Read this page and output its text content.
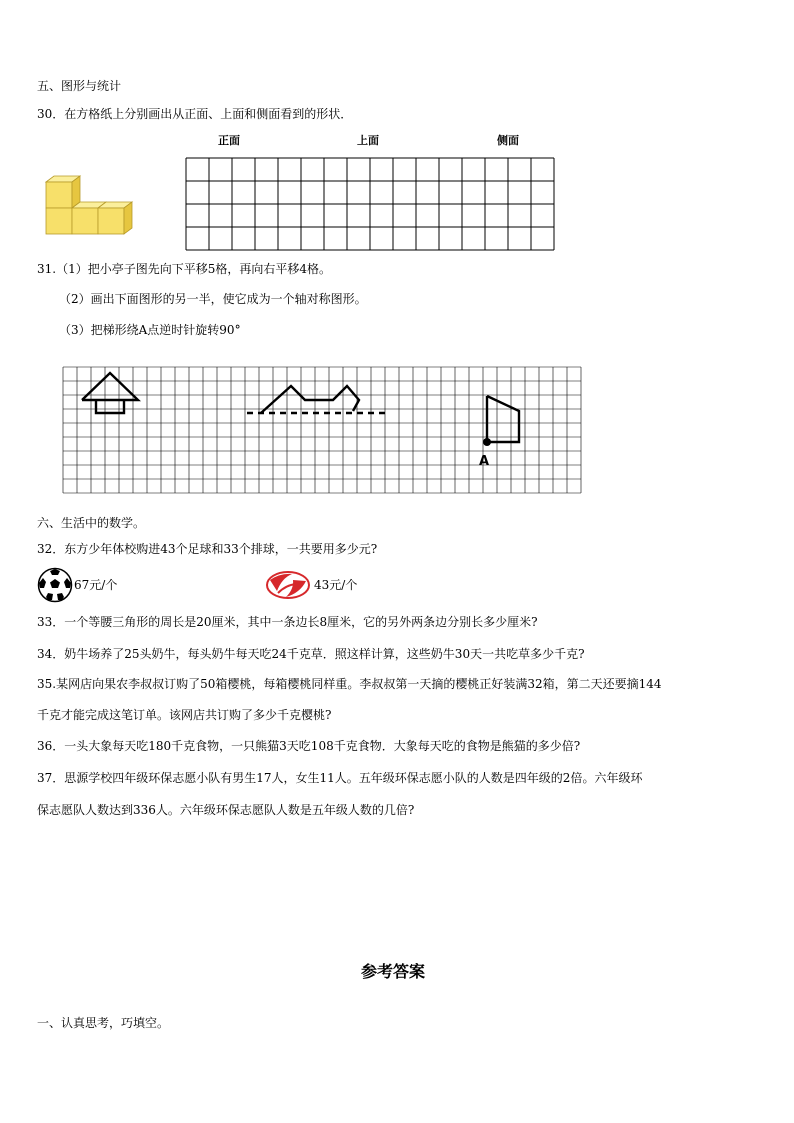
五、图形与统计
30．在方格纸上分别画出从正面、上面和侧面看到的形状．
正面	上面	侧面
31.（1）把小亭子图先向下平移5格，再向右平移4格。
（2）画出下面图形的另一半，使它成为一个轴对称图形。
（3）把梯形绕A点逆时针旋转90°
A
六、生活中的数学。
32．东方少年体校购进43个足球和33个排球，一共要用多少元?
67元/个	43元/个
33．一个等腰三角形的周长是20厘米，其中一条边长8厘米，它的另外两条边分别长多少厘米?
34．奶牛场养了25头奶牛，每头奶牛每天吃24千克草．照这样计算，这些奶牛30天一共吃草多少千克?
35.某网店向果农李叔叔订购了50箱樱桃，每箱樱桃同样重。李叔叔第一天摘的樱桃正好装满32箱，第二天还要摘144
千克才能完成这笔订单。该网店共订购了多少千克樱桃?
36．一头大象每天吃180千克食物，一只熊猫3天吃108千克食物．大象每天吃的食物是熊猫的多少倍?
37．思源学校四年级环保志愿小队有男生17人，女生11人。五年级环保志愿小队的人数是四年级的2倍。六年级环
保志愿队人数达到336人。六年级环保志愿队人数是五年级人数的几倍?
参考答案
一、认真思考，巧填空。
